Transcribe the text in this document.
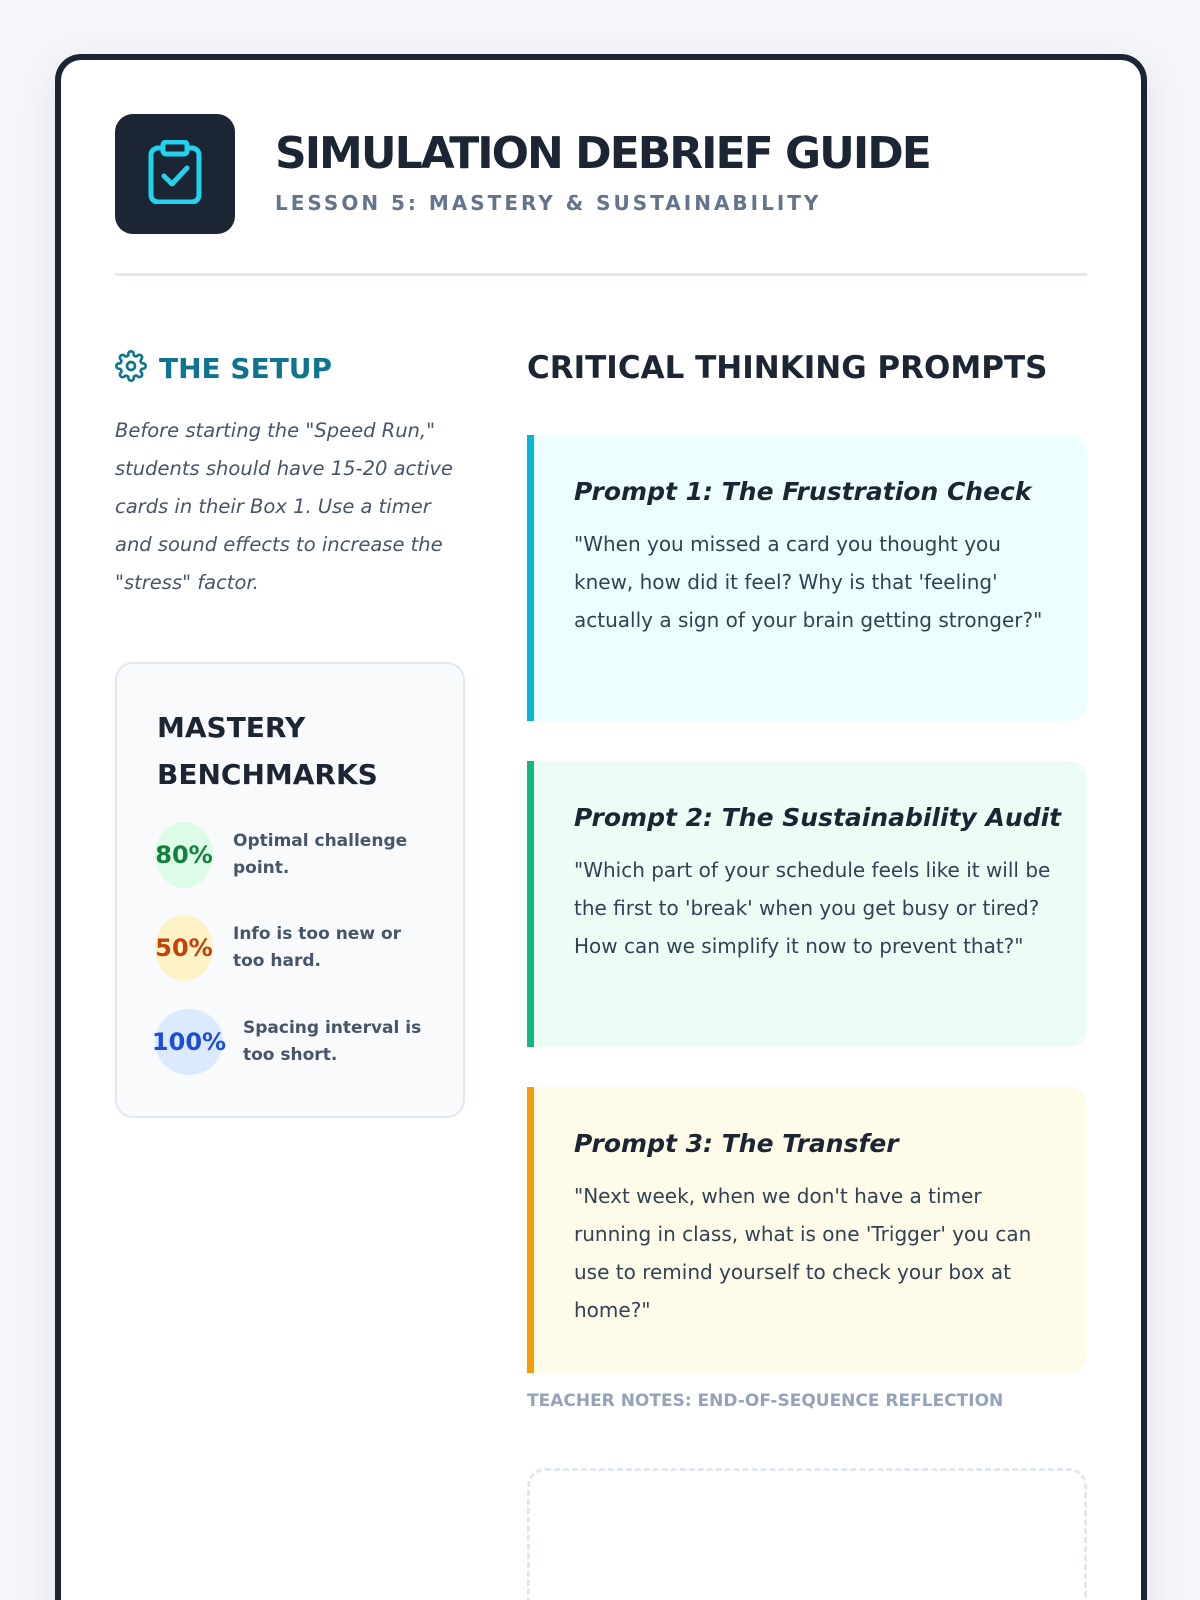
SIMULATION DEBRIEF GUIDE
LESSON 5: MASTERY & SUSTAINABILITY
THE SETUP
Before starting the "Speed Run," students should have 15-20 active cards in their Box 1. Use a timer and sound effects to increase the "stress" factor.
MASTERY BENCHMARKS
80% Optimal challenge point.
50% Info is too new or too hard.
100% Spacing interval is too short.
CRITICAL THINKING PROMPTS
Prompt 1: The Frustration Check
"When you missed a card you thought you knew, how did it feel? Why is that 'feeling' actually a sign of your brain getting stronger?"
Prompt 2: The Sustainability Audit
"Which part of your schedule feels like it will be the first to 'break' when you get busy or tired? How can we simplify it now to prevent that?"
Prompt 3: The Transfer
"Next week, when we don't have a timer running in class, what is one 'Trigger' you can use to remind yourself to check your box at home?"
TEACHER NOTES: END-OF-SEQUENCE REFLECTION
